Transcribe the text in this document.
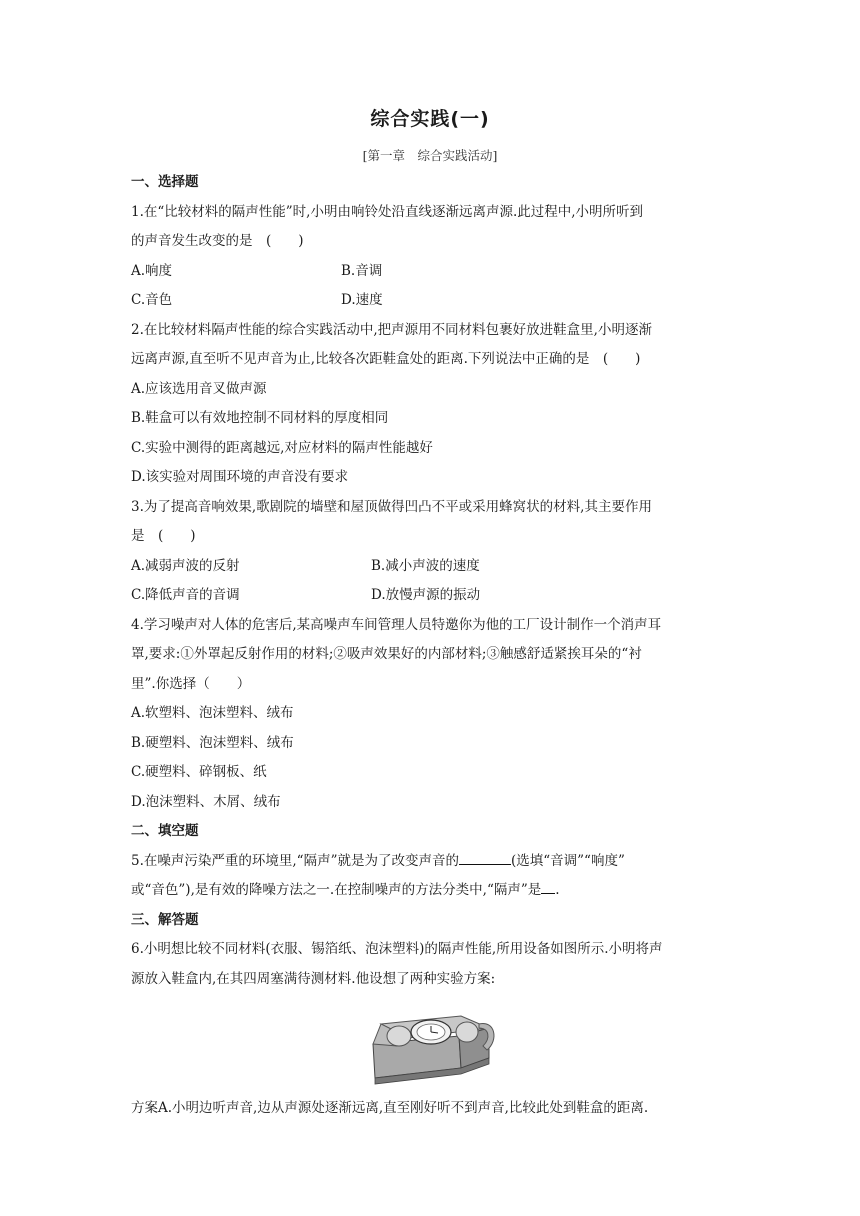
综合实践(一)
[第一章　综合实践活动]
一、选择题
1.在“比较材料的隔声性能”时,小明由响铃处沿直线逐渐远离声源.此过程中,小明所听到
的声音发生改变的是　(　　)
A.响度	B.音调
C.音色	D.速度
2.在比较材料隔声性能的综合实践活动中,把声源用不同材料包裹好放进鞋盒里,小明逐渐
远离声源,直至听不见声音为止,比较各次距鞋盒处的距离.下列说法中正确的是　(　　)
A.应该选用音叉做声源
B.鞋盒可以有效地控制不同材料的厚度相同
C.实验中测得的距离越远,对应材料的隔声性能越好
D.该实验对周围环境的声音没有要求
3.为了提高音响效果,歌剧院的墙壁和屋顶做得凹凸不平或采用蜂窝状的材料,其主要作用
是　(　　)
A.减弱声波的反射	B.减小声波的速度
C.降低声音的音调	D.放慢声源的振动
4.学习噪声对人体的危害后,某高噪声车间管理人员特邀你为他的工厂设计制作一个消声耳
罩,要求:①外罩起反射作用的材料;②吸声效果好的内部材料;③触感舒适紧挨耳朵的“衬
里”.你选择（　　）
A.软塑料、泡沫塑料、绒布
B.硬塑料、泡沫塑料、绒布
C.硬塑料、碎钢板、纸
D.泡沫塑料、木屑、绒布
二、填空题
5.在噪声污染严重的环境里,“隔声”就是为了改变声音的	(选填“音调”“响度”
或“音色”),是有效的降噪方法之一.在控制噪声的方法分类中,“隔声”是 .
三、解答题
6.小明想比较不同材料(衣服、锡箔纸、泡沫塑料)的隔声性能,所用设备如图所示.小明将声
源放入鞋盒内,在其四周塞满待测材料.他设想了两种实验方案:
方案A.小明边听声音,边从声源处逐渐远离,直至刚好听不到声音,比较此处到鞋盒的距离.
